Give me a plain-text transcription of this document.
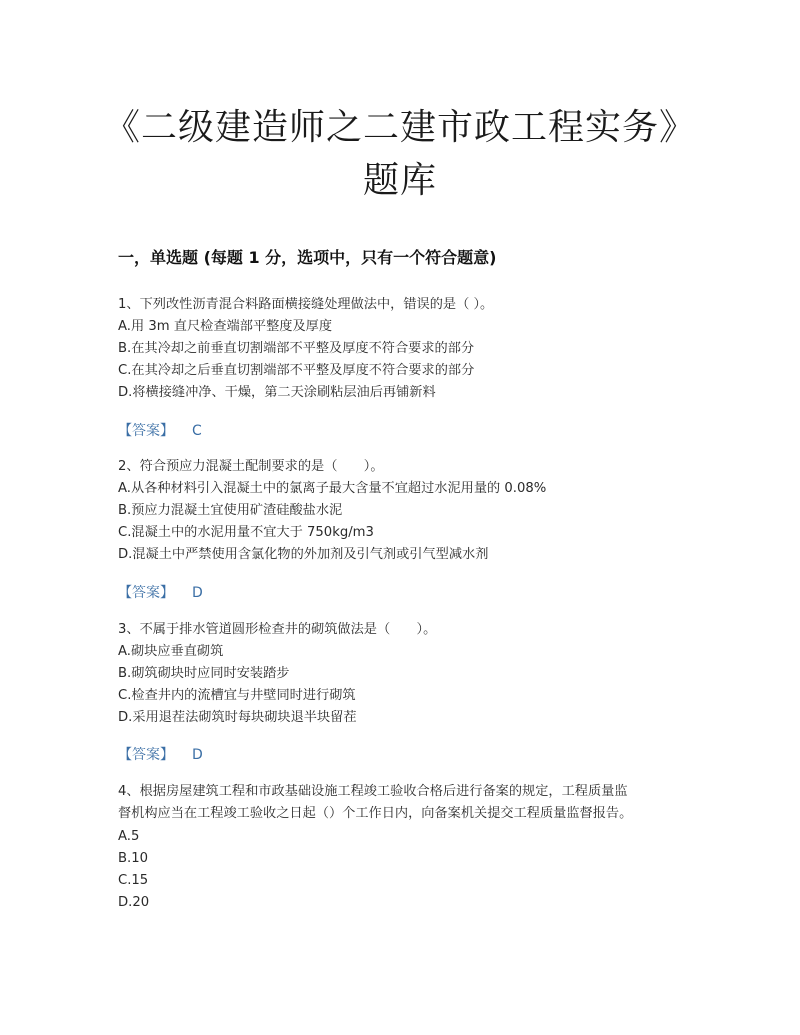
《二级建造师之二建市政工程实务》
题库
一，单选题 (每题 1 分，选项中，只有一个符合题意)
1、下列改性沥青混合料路面横接缝处理做法中，错误的是（ ）。
A.用 3m 直尺检查端部平整度及厚度
B.在其冷却之前垂直切割端部不平整及厚度不符合要求的部分
C.在其冷却之后垂直切割端部不平整及厚度不符合要求的部分
D.将横接缝冲净、干燥，第二天涂刷粘层油后再铺新料
【答案】 C
2、符合预应力混凝土配制要求的是（　　）。
A.从各种材料引入混凝土中的氯离子最大含量不宜超过水泥用量的 0.08%
B.预应力混凝土宜使用矿渣硅酸盐水泥
C.混凝土中的水泥用量不宜大于 750kg/m3
D.混凝土中严禁使用含氯化物的外加剂及引气剂或引气型减水剂
【答案】 D
3、不属于排水管道圆形检查井的砌筑做法是（　　）。
A.砌块应垂直砌筑
B.砌筑砌块时应同时安装踏步
C.检查井内的流槽宜与井壁同时进行砌筑
D.采用退茬法砌筑时每块砌块退半块留茬
【答案】 D
4、根据房屋建筑工程和市政基础设施工程竣工验收合格后进行备案的规定，工程质量监
督机构应当在工程竣工验收之日起（）个工作日内，向备案机关提交工程质量监督报告。
A.5
B.10
C.15
D.20
